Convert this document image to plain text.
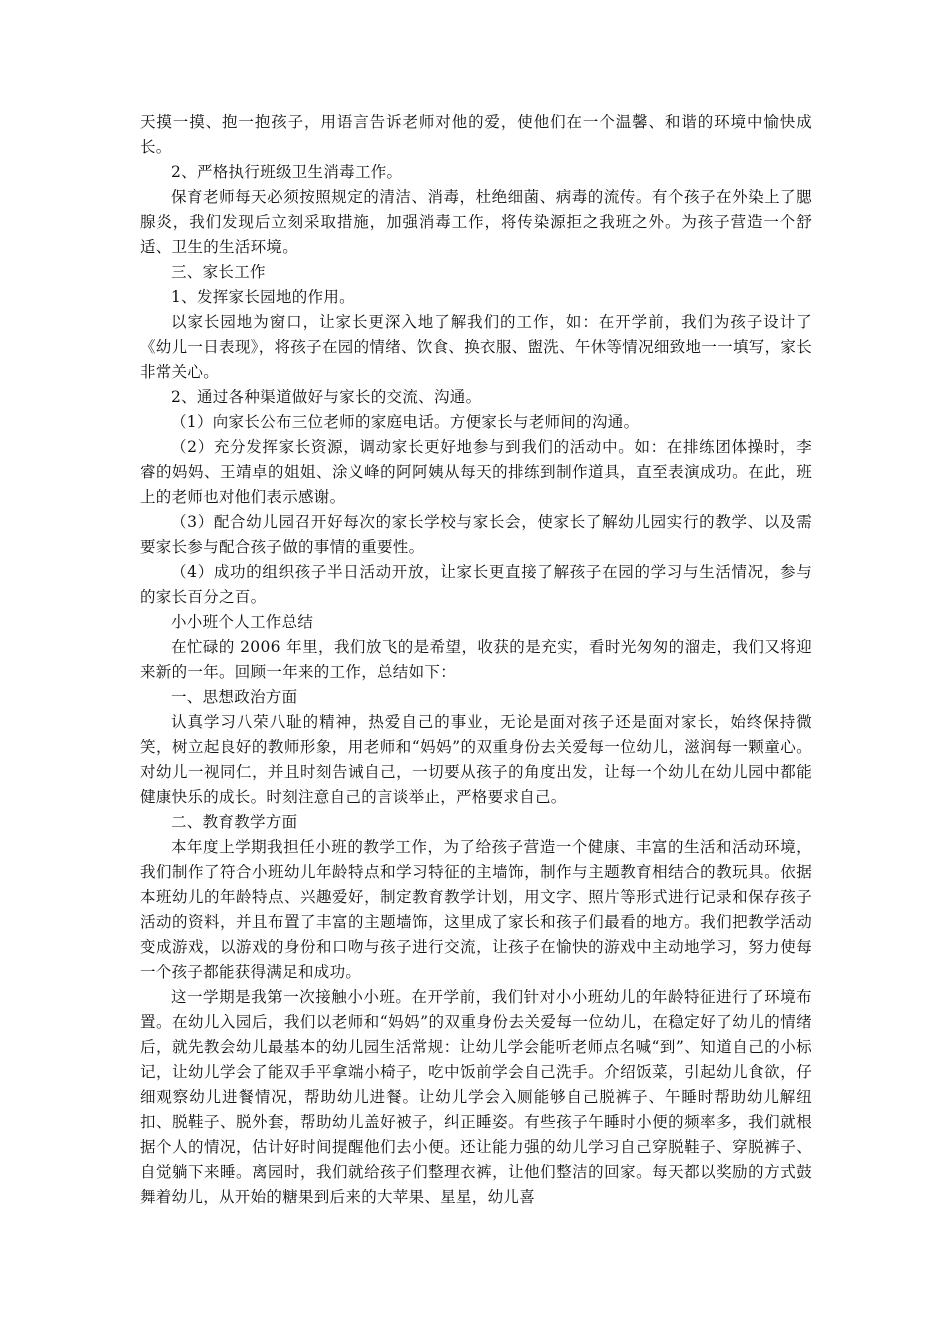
天摸一摸、抱一抱孩子，用语言告诉老师对他的爱，使他们在一个温馨、和谐的环境中愉快成长。

2、严格执行班级卫生消毒工作。

保育老师每天必须按照规定的清洁、消毒，杜绝细菌、病毒的流传。有个孩子在外染上了腮腺炎，我们发现后立刻采取措施，加强消毒工作，将传染源拒之我班之外。为孩子营造一个舒适、卫生的生活环境。

三、家长工作

1、发挥家长园地的作用。

以家长园地为窗口，让家长更深入地了解我们的工作，如：在开学前，我们为孩子设计了《幼儿一日表现》，将孩子在园的情绪、饮食、换衣服、盥洗、午休等情况细致地一一填写，家长非常关心。

2、通过各种渠道做好与家长的交流、沟通。

（1）向家长公布三位老师的家庭电话。方便家长与老师间的沟通。

（2）充分发挥家长资源，调动家长更好地参与到我们的活动中。如：在排练团体操时，李睿的妈妈、王靖卓的姐姐、涂义峰的阿阿姨从每天的排练到制作道具，直至表演成功。在此，班上的老师也对他们表示感谢。

（3）配合幼儿园召开好每次的家长学校与家长会，使家长了解幼儿园实行的教学、以及需要家长参与配合孩子做的事情的重要性。

（4）成功的组织孩子半日活动开放，让家长更直接了解孩子在园的学习与生活情况，参与的家长百分之百。

小小班个人工作总结

在忙碌的 2006 年里，我们放飞的是希望，收获的是充实，看时光匆匆的溜走，我们又将迎来新的一年。回顾一年来的工作，总结如下：

一、思想政治方面

认真学习八荣八耻的精神，热爱自己的事业，无论是面对孩子还是面对家长，始终保持微笑，树立起良好的教师形象，用老师和“妈妈”的双重身份去关爱每一位幼儿，滋润每一颗童心。对幼儿一视同仁，并且时刻告诫自己，一切要从孩子的角度出发，让每一个幼儿在幼儿园中都能健康快乐的成长。时刻注意自己的言谈举止，严格要求自己。

二、教育教学方面

本年度上学期我担任小班的教学工作，为了给孩子营造一个健康、丰富的生活和活动环境，我们制作了符合小班幼儿年龄特点和学习特征的主墙饰，制作与主题教育相结合的教玩具。依据本班幼儿的年龄特点、兴趣爱好，制定教育教学计划，用文字、照片等形式进行记录和保存孩子活动的资料，并且布置了丰富的主题墙饰，这里成了家长和孩子们最看的地方。我们把教学活动变成游戏，以游戏的身份和口吻与孩子进行交流，让孩子在愉快的游戏中主动地学习，努力使每一个孩子都能获得满足和成功。

这一学期是我第一次接触小小班。在开学前，我们针对小小班幼儿的年龄特征进行了环境布置。在幼儿入园后，我们以老师和“妈妈”的双重身份去关爱每一位幼儿，在稳定好了幼儿的情绪后，就先教会幼儿最基本的幼儿园生活常规：让幼儿学会能听老师点名喊“到”、知道自己的小标记，让幼儿学会了能双手平拿端小椅子，吃中饭前学会自己洗手。介绍饭菜，引起幼儿食欲，仔细观察幼儿进餐情况，帮助幼儿进餐。让幼儿学会入厕能够自己脱裤子、午睡时帮助幼儿解纽扣、脱鞋子、脱外套，帮助幼儿盖好被子，纠正睡姿。有些孩子午睡时小便的频率多，我们就根据个人的情况，估计好时间提醒他们去小便。还让能力强的幼儿学习自己穿脱鞋子、穿脱裤子、自觉躺下来睡。离园时，我们就给孩子们整理衣裤，让他们整洁的回家。每天都以奖励的方式鼓舞着幼儿，从开始的糖果到后来的大苹果、星星，幼儿喜
